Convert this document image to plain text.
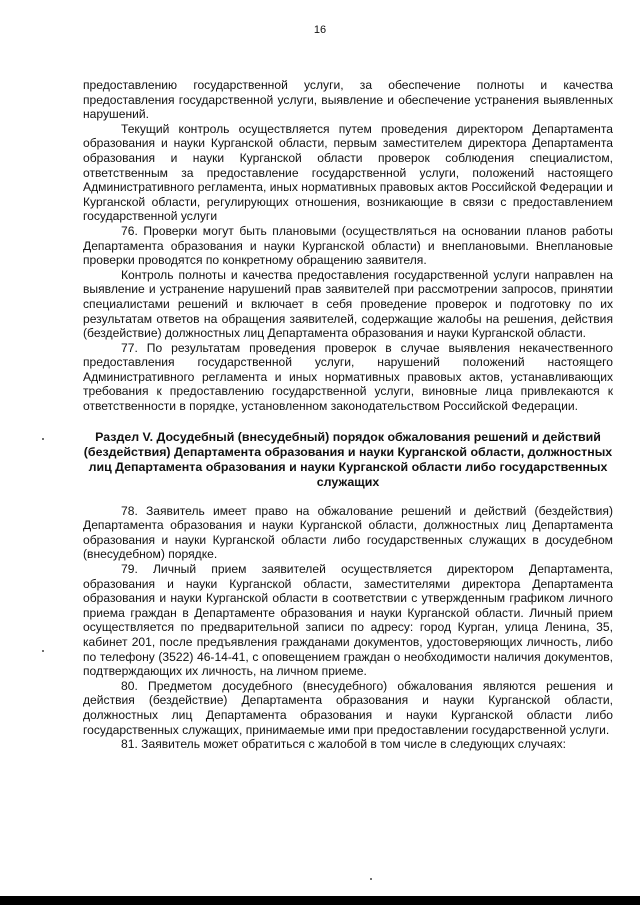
16

предоставлению государственной услуги, за обеспечение полноты и качества предоставления государственной услуги, выявление и обеспечение устранения выявленных нарушений.

Текущий контроль осуществляется путем проведения директором Департамента образования и науки Курганской области, первым заместителем директора Департамента образования и науки Курганской области проверок соблюдения специалистом, ответственным за предоставление государственной услуги, положений настоящего Административного регламента, иных нормативных правовых актов Российской Федерации и Курганской области, регулирующих отношения, возникающие в связи с предоставлением государственной услуги

76. Проверки могут быть плановыми (осуществляться на основании планов работы Департамента образования и науки Курганской области) и внеплановыми. Внеплановые проверки проводятся по конкретному обращению заявителя.

Контроль полноты и качества предоставления государственной услуги направлен на выявление и устранение нарушений прав заявителей при рассмотрении запросов, принятии специалистами решений и включает в себя проведение проверок и подготовку по их результатам ответов на обращения заявителей, содержащие жалобы на решения, действия (бездействие) должностных лиц Департамента образования и науки Курганской области.

77. По результатам проведения проверок в случае выявления некачественного предоставления государственной услуги, нарушений положений настоящего Административного регламента и иных нормативных правовых актов, устанавливающих требования к предоставлению государственной услуги, виновные лица привлекаются к ответственности в порядке, установленном законодательством Российской Федерации.

Раздел V. Досудебный (внесудебный) порядок обжалования решений и действий (бездействия) Департамента образования и науки Курганской области, должностных лиц Департамента образования и науки Курганской области либо государственных служащих

78. Заявитель имеет право на обжалование решений и действий (бездействия) Департамента образования и науки Курганской области, должностных лиц Департамента образования и науки Курганской области либо государственных служащих в досудебном (внесудебном) порядке.

79. Личный прием заявителей осуществляется директором Департамента, образования и науки Курганской области, заместителями директора Департамента образования и науки Курганской области в соответствии с утвержденным графиком личного приема граждан в Департаменте образования и науки Курганской области. Личный прием осуществляется по предварительной записи по адресу: город Курган, улица Ленина, 35, кабинет 201, после предъявления гражданами документов, удостоверяющих личность, либо по телефону (3522) 46-14-41, с оповещением граждан о необходимости наличия документов, подтверждающих их личность, на личном приеме.

80. Предметом досудебного (внесудебного) обжалования являются решения и действия (бездействие) Департамента образования и науки Курганской области, должностных лиц Департамента образования и науки Курганской области либо государственных служащих, принимаемые ими при предоставлении государственной услуги.

81. Заявитель может обратиться с жалобой в том числе в следующих случаях:
